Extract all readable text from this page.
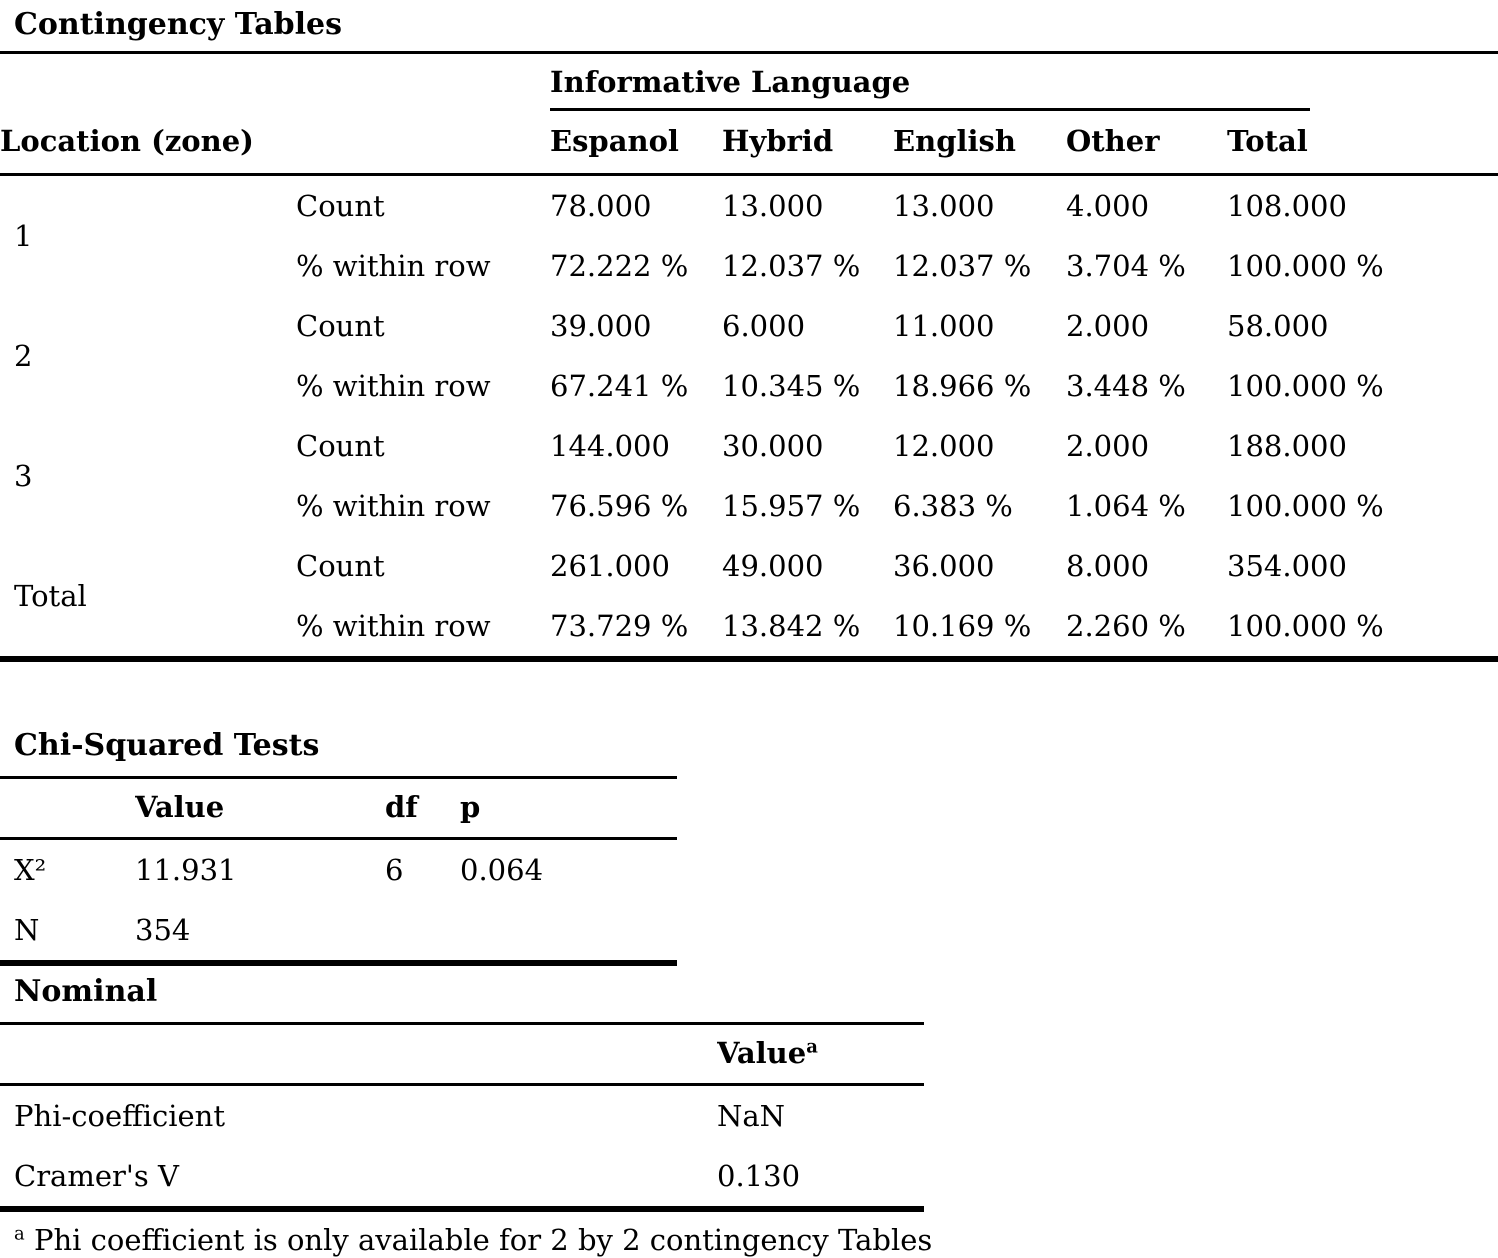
Contingency Tables

		Informative Language				

Location (zone)		Espanol	Hybrid	English	Other	Total
1	Count	78.000	13.000	13.000	4.000	108.000
	% within row	72.222 %	12.037 %	12.037 %	3.704 %	100.000 %
2	Count	39.000	6.000	11.000	2.000	58.000
	% within row	67.241 %	10.345 %	18.966 %	3.448 %	100.000 %
3	Count	144.000	30.000	12.000	2.000	188.000
	% within row	76.596 %	15.957 %	6.383 %	1.064 %	100.000 %
Total	Count	261.000	49.000	36.000	8.000	354.000
	% within row	73.729 %	13.842 %	10.169 %	2.260 %	100.000 %
Chi-Squared Tests
	Value	df	p
X²	11.931	6	0.064
N	354		
Nominal
	Value$^a$
Phi-coefficient	NaN
Cramer's V	0.130
$^a$ Phi coefficient is only available for 2 by 2 contingency Tables
